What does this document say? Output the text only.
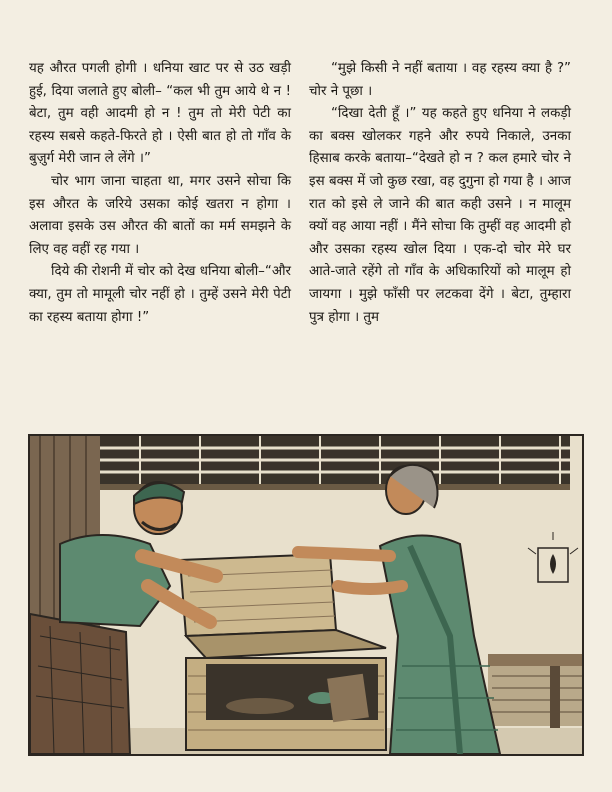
यह औरत पगली होगी । धनिया खाट पर से उठ खड़ी हुई, दिया जलाते हुए बोली– “कल भी तुम आये थे न ! बेटा, तुम वही आदमी हो न ! तुम तो मेरी पेटी का रहस्य सबसे कहते-फिरते हो । ऐसी बात हो तो गाँव के बुज़ुर्ग मेरी जान ले लेंगे ।”

चोर भाग जाना चाहता था, मगर उसने सोचा कि इस औरत के जरिये उसका कोई खतरा न होगा । अलावा इसके उस औरत की बातों का मर्म समझने के लिए वह वहीं रह गया ।

दिये की रोशनी में चोर को देख धनिया बोली–“और क्या, तुम तो मामूली चोर नहीं हो । तुम्हें उसने मेरी पेटी का रहस्य बताया होगा !”

“मुझे किसी ने नहीं बताया । वह रहस्य क्या है ?” चोर ने पूछा ।

“दिखा देती हूँ ।” यह कहते हुए धनिया ने लकड़ी का बक्स खोलकर गहने और रुपये निकाले, उनका हिसाब करके बताया–“देखते हो न ? कल हमारे चोर ने इस बक्स में जो कुछ रखा, वह दुगुना हो गया है । आज रात को इसे ले जाने की बात कही उसने । न मालूम क्यों वह आया नहीं । मैंने सोचा कि तुम्हीं वह आदमी हो और उसका रहस्य खोल दिया । एक-दो चोर मेरे घर आते-जाते रहेंगे तो गाँव के अधिकारियों को मालूम हो जायगा । मुझे फाँसी पर लटकवा देंगे । बेटा, तुम्हारा पुत्र होगा । तुम
